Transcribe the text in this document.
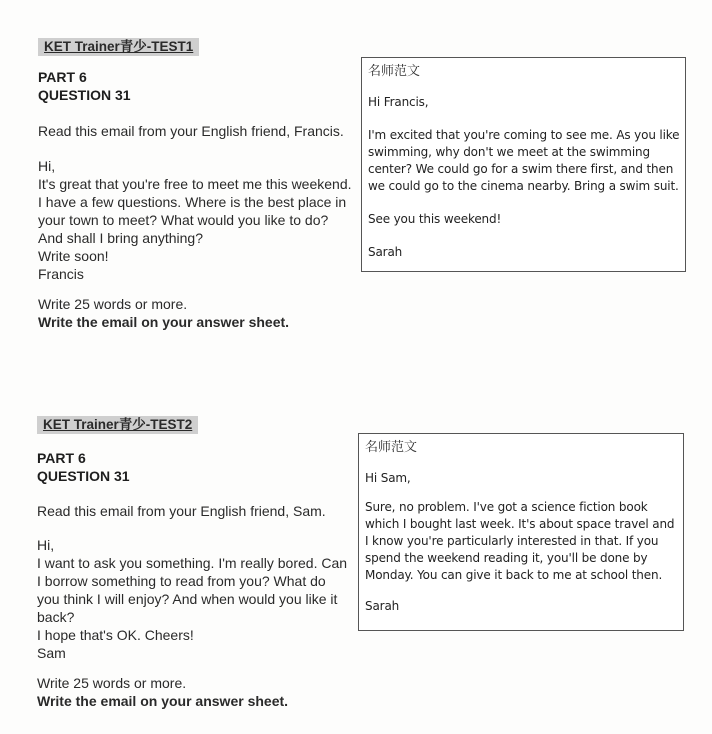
KET Trainer青少-TEST1
PART 6
QUESTION 31
Read this email from your English friend, Francis.
Hi,
It's great that you're free to meet me this weekend.
I have a few questions. Where is the best place in
your town to meet? What would you like to do?
And shall I bring anything?
Write soon!
Francis
Write 25 words or more.
Write the email on your answer sheet.
名师范文
Hi Francis,
I'm excited that you're coming to see me. As you like
swimming, why don't we meet at the swimming
center? We could go for a swim there first, and then
we could go to the cinema nearby. Bring a swim suit.
See you this weekend!
Sarah
KET Trainer青少-TEST2
PART 6
QUESTION 31
Read this email from your English friend, Sam.
Hi,
I want to ask you something. I'm really bored. Can
I borrow something to read from you? What do
you think I will enjoy? And when would you like it
back?
I hope that's OK. Cheers!
Sam
Write 25 words or more.
Write the email on your answer sheet.
名师范文
Hi Sam,
Sure, no problem. I've got a science fiction book
which I bought last week. It's about space travel and
I know you're particularly interested in that. If you
spend the weekend reading it, you'll be done by
Monday. You can give it back to me at school then.
Sarah
